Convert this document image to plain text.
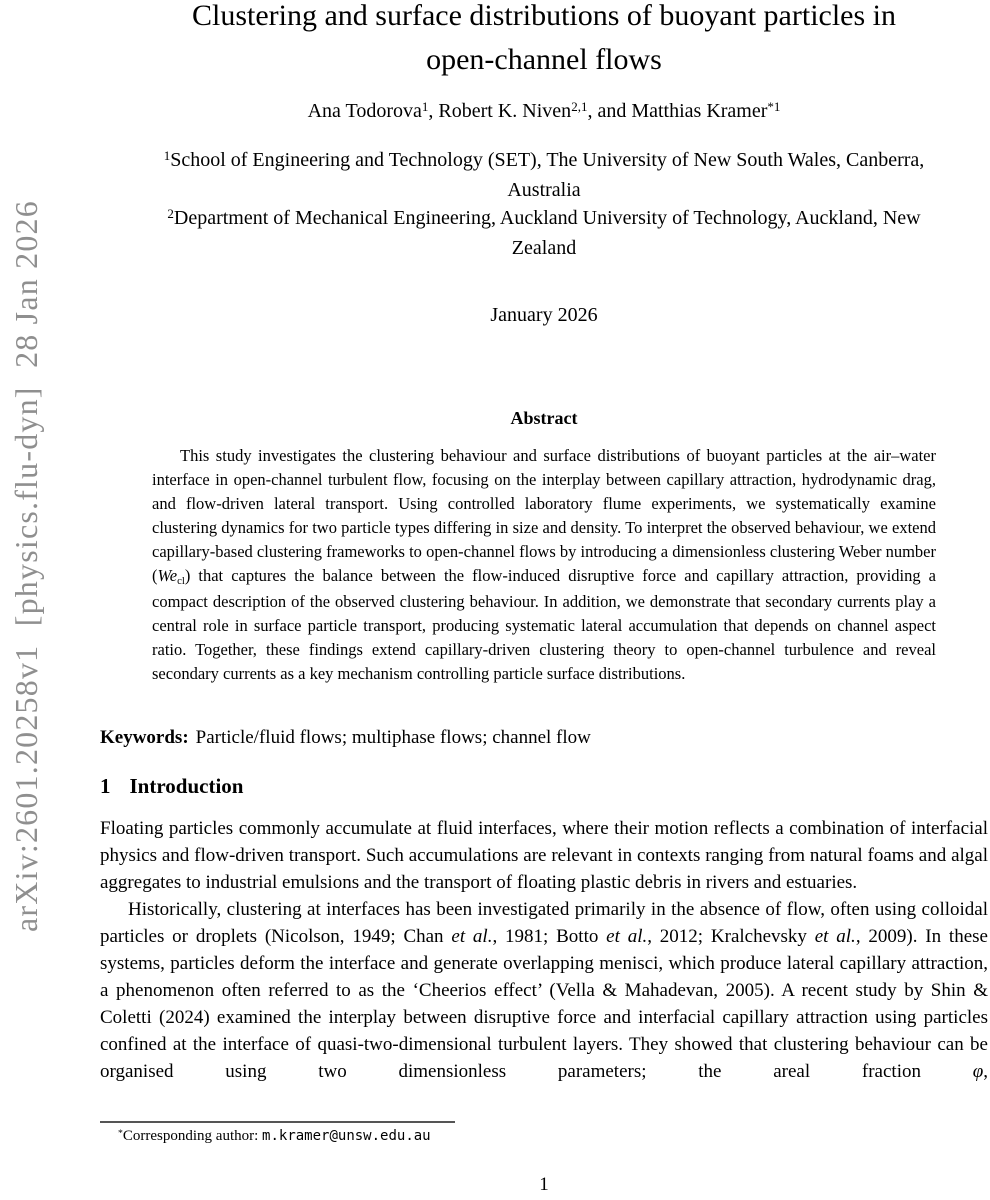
arXiv:2601.20258v1  [physics.flu-dyn]  28 Jan 2026
Clustering and surface distributions of buoyant particles in
open-channel flows
Ana Todorova$^1$, Robert K. Niven$^{2,1}$, and Matthias Kramer$^{*1}$
$^1$School of Engineering and Technology (SET), The University of New South Wales, Canberra,
Australia
$^2$Department of Mechanical Engineering, Auckland University of Technology, Auckland, New
Zealand
January 2026
Abstract

This study investigates the clustering behaviour and surface distributions of buoyant particles at the air–water interface in open-channel turbulent flow, focusing on the interplay between capillary attraction, hydrodynamic drag, and flow-driven lateral transport. Using controlled laboratory flume experiments, we systematically examine clustering dynamics for two particle types differing in size and density. To interpret the observed behaviour, we extend capillary-based clustering frameworks to open-channel flows by introducing a dimensionless clustering Weber number (Wecl) that captures the balance between the flow-induced disruptive force and capillary attraction, providing a compact description of the observed clustering behaviour. In addition, we demonstrate that secondary currents play a central role in surface particle transport, producing systematic lateral accumulation that depends on channel aspect ratio. Together, these findings extend capillary-driven clustering theory to open-channel turbulence and reveal secondary currents as a key mechanism controlling particle surface distributions.

Keywords: Particle/fluid flows; multiphase flows; channel flow
1 Introduction

Floating particles commonly accumulate at fluid interfaces, where their motion reflects a combination of interfacial physics and flow-driven transport. Such accumulations are relevant in contexts ranging from natural foams and algal aggregates to industrial emulsions and the transport of floating plastic debris in rivers and estuaries.

Historically, clustering at interfaces has been investigated primarily in the absence of flow, often using colloidal particles or droplets (Nicolson, 1949; Chan et al., 1981; Botto et al., 2012; Kralchevsky et al., 2009). In these systems, particles deform the interface and generate overlapping menisci, which produce lateral capillary attraction, a phenomenon often referred to as the ‘Cheerios effect’ (Vella & Mahadevan, 2005). A recent study by Shin & Coletti (2024) examined the interplay between disruptive force and interfacial capillary attraction using particles confined at the interface of quasi-two-dimensional turbulent layers. They showed that clustering behaviour can be organised using two dimensionless parameters; the areal fraction φ,

*Corresponding author: m.kramer@unsw.edu.au
1
